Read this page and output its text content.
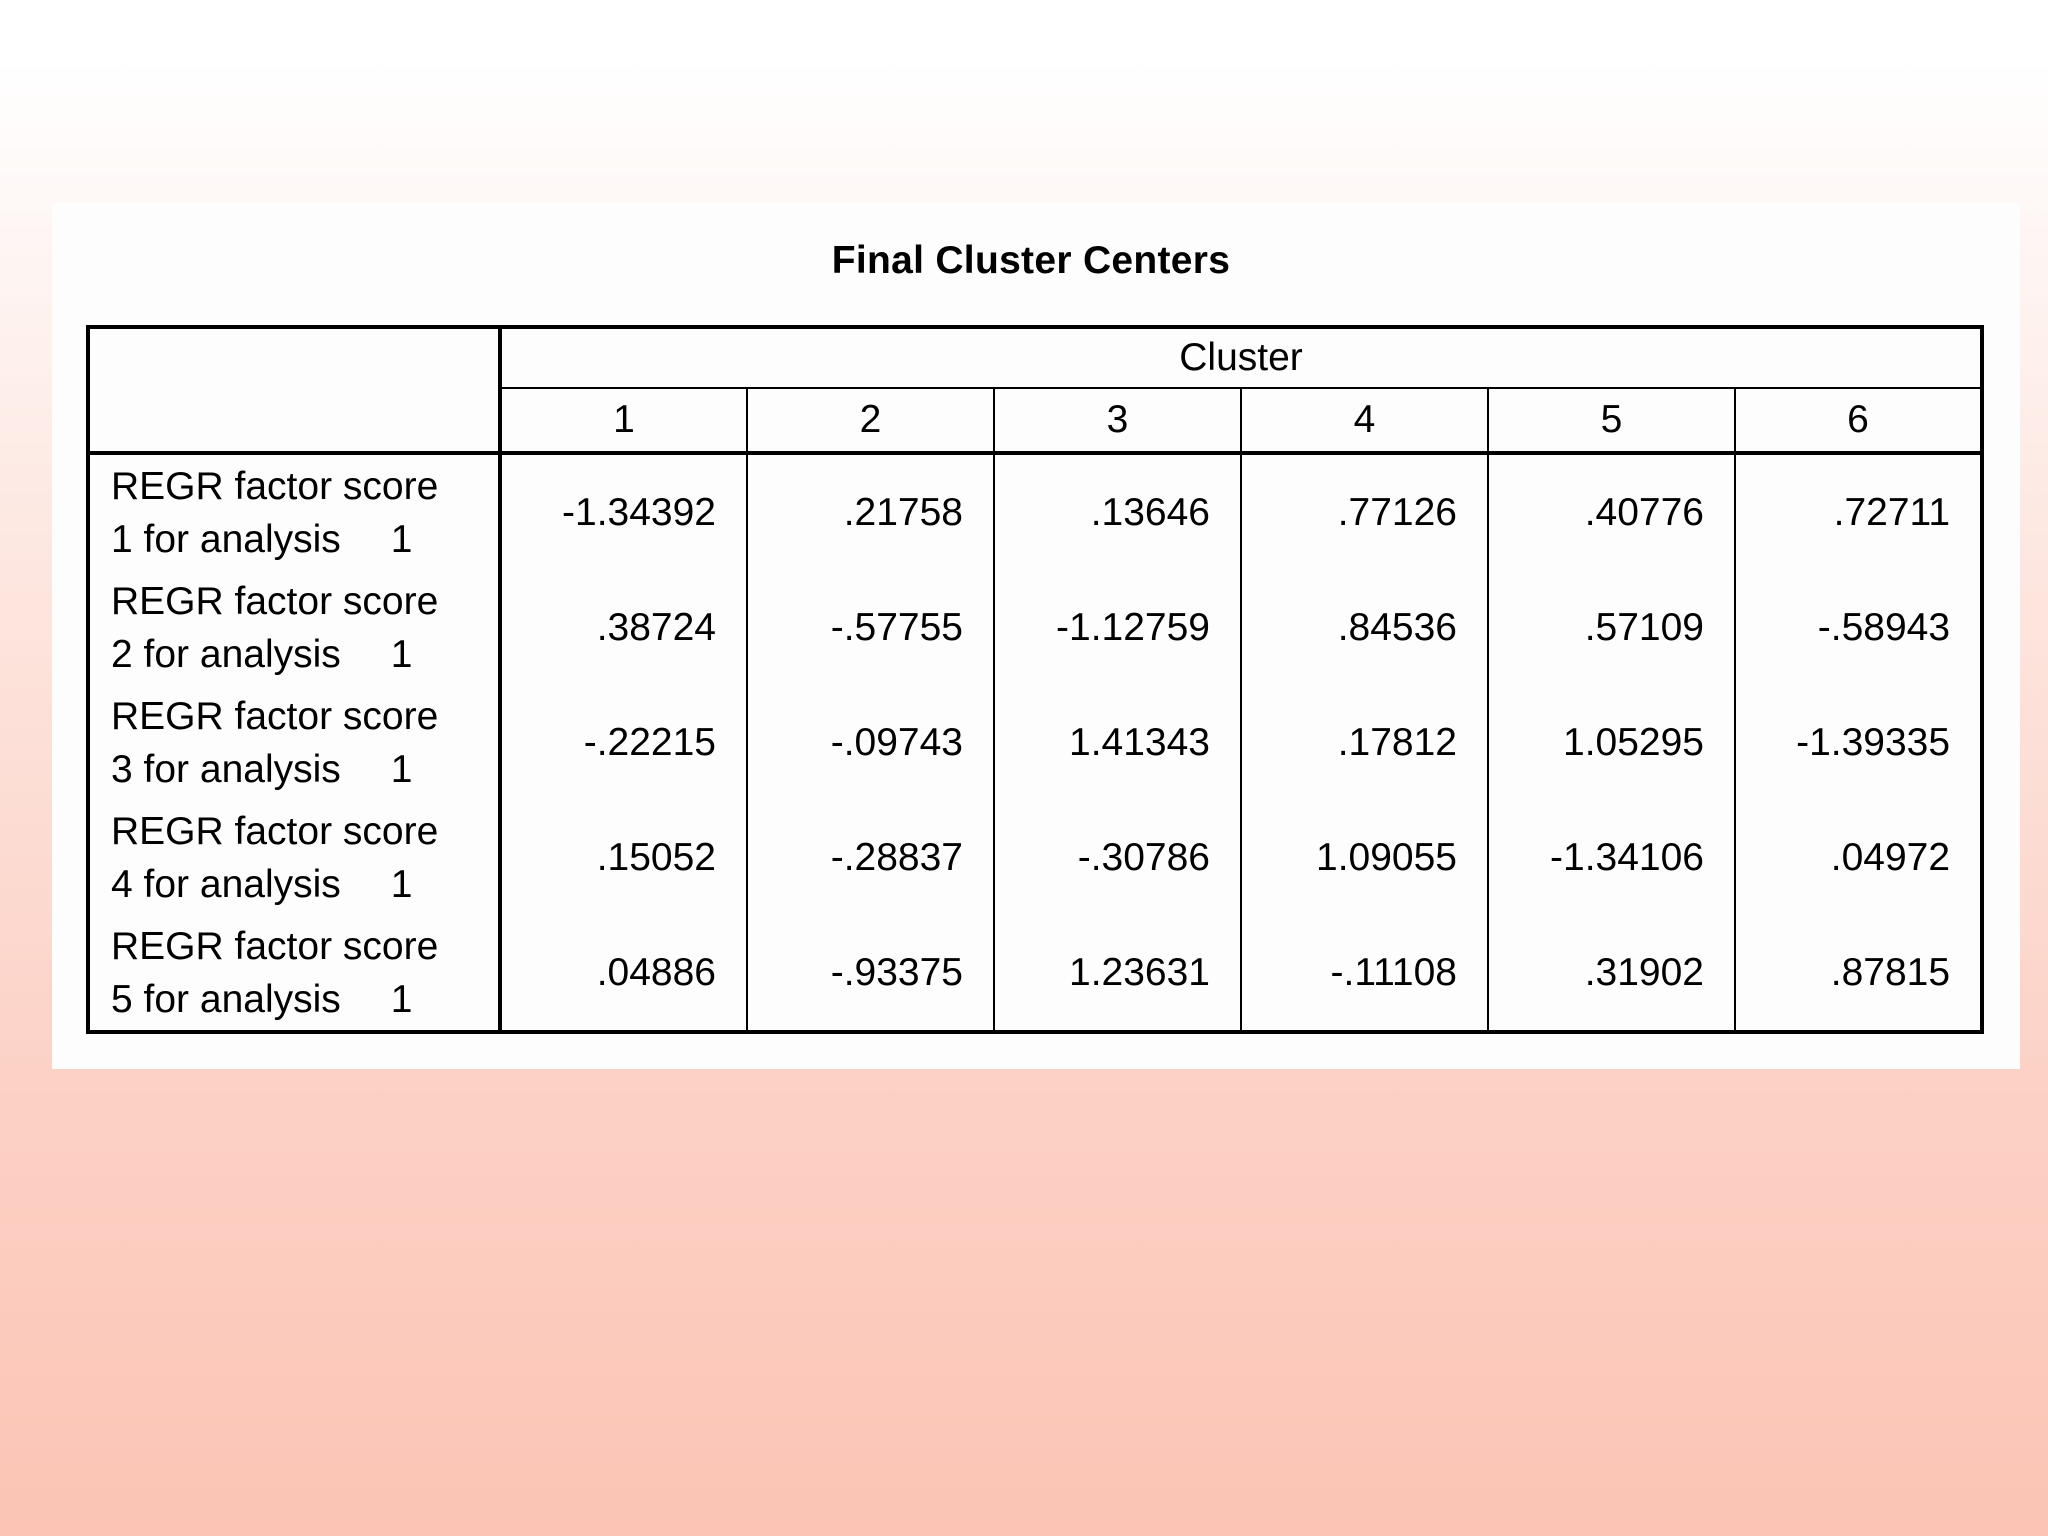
Final Cluster Centers
	Cluster					
	1	2	3	4	5	6

REGR factor score
1 for analysis 1	-1.34392	.21758	.13646	.77126	.40776	.72711

REGR factor score
2 for analysis 1	.38724	-.57755	-1.12759	.84536	.57109	-.58943

REGR factor score
3 for analysis 1	-.22215	-.09743	1.41343	.17812	1.05295	-1.39335

REGR factor score
4 for analysis 1	.15052	-.28837	-.30786	1.09055	-1.34106	.04972

REGR factor score
5 for analysis 1	.04886	-.93375	1.23631	-.11108	.31902	.87815
